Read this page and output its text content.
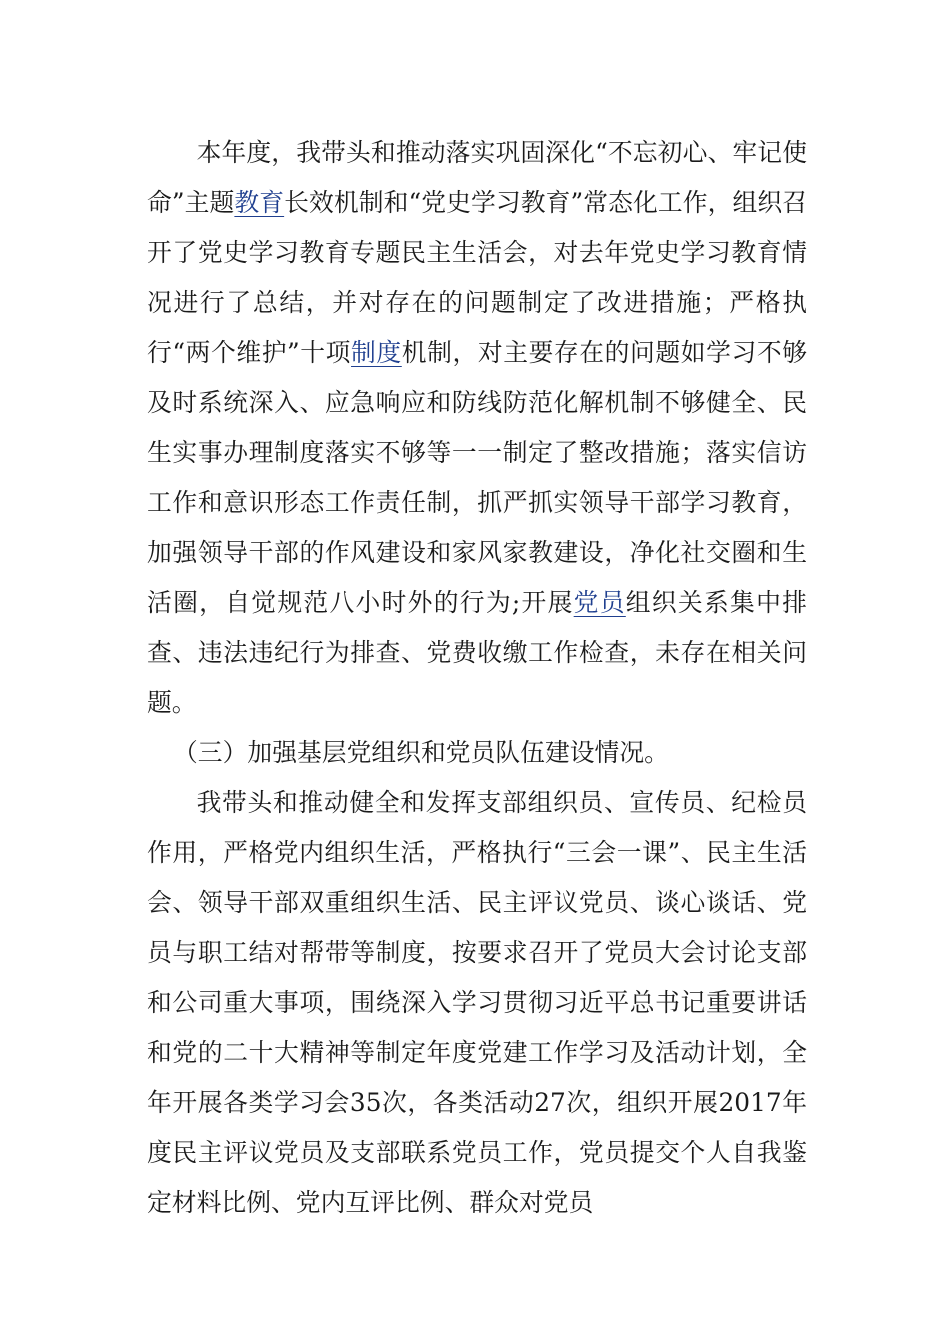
本年度，我带头和推动落实巩固深化“不忘初心、牢记使命”主题教育长效机制和“党史学习教育”常态化工作，组织召开了党史学习教育专题民主生活会，对去年党史学习教育情况进行了总结，并对存在的问题制定了改进措施；严格执行“两个维护”十项制度机制，对主要存在的问题如学习不够及时系统深入、应急响应和防线防范化解机制不够健全、民生实事办理制度落实不够等一一制定了整改措施；落实信访工作和意识形态工作责任制，抓严抓实领导干部学习教育，加强领导干部的作风建设和家风家教建设，净化社交圈和生活圈，自觉规范八小时外的行为;开展党员组织关系集中排查、违法违纪行为排查、党费收缴工作检查，未存在相关问题。

（三）加强基层党组织和党员队伍建设情况。

我带头和推动健全和发挥支部组织员、宣传员、纪检员作用，严格党内组织生活，严格执行“三会一课”、民主生活会、领导干部双重组织生活、民主评议党员、谈心谈话、党员与职工结对帮带等制度，按要求召开了党员大会讨论支部和公司重大事项，围绕深入学习贯彻习近平总书记重要讲话和党的二十大精神等制定年度党建工作学习及活动计划，全年开展各类学习会35次，各类活动27次，组织开展2017年度民主评议党员及支部联系党员工作，党员提交个人自我鉴定材料比例、党内互评比例、群众对党员
